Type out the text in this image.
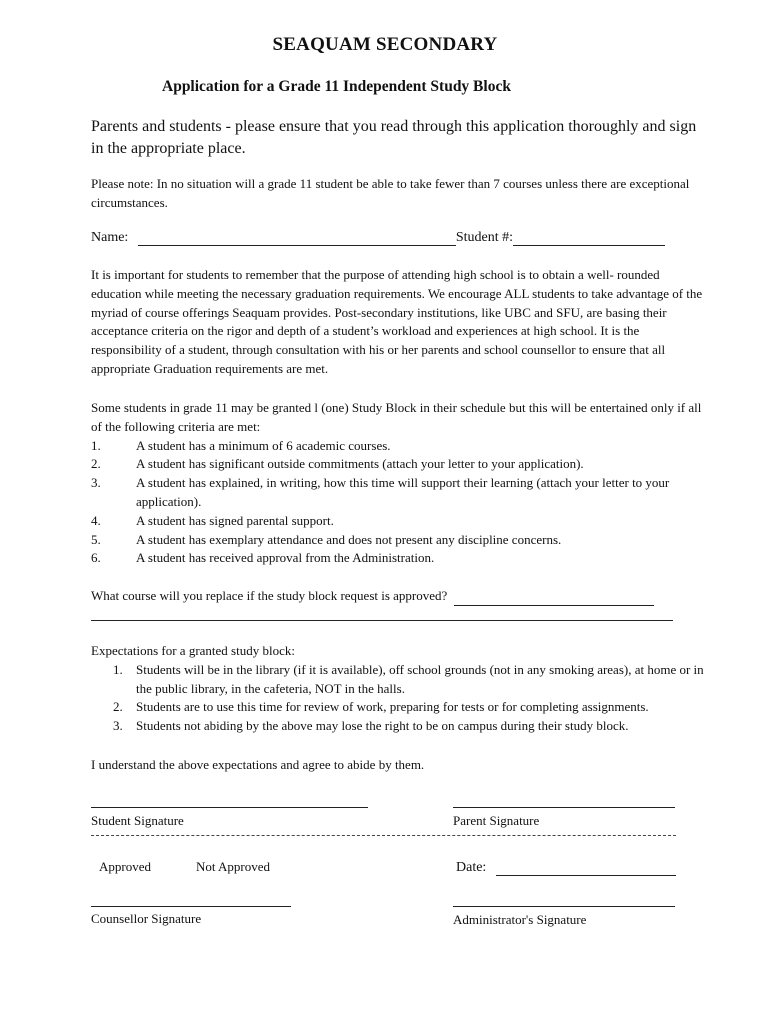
SEAQUAM SECONDARY
Application for a Grade 11 Independent Study Block
Parents and students - please ensure that you read through this application thoroughly and sign in the appropriate place.
Please note: In no situation will a grade 11 student be able to take fewer than 7 courses unless there are exceptional circumstances.
Name:	Student #:
It is important for students to remember that the purpose of attending high school is to obtain a well- rounded education while meeting the necessary graduation requirements. We encourage ALL students to take advantage of the myriad of course offerings Seaquam provides. Post-secondary institutions, like UBC and SFU, are basing their acceptance criteria on the rigor and depth of a student’s workload and experiences at high school. It is the responsibility of a student, through consultation with his or her parents and school counsellor to ensure that all appropriate Graduation requirements are met.
Some students in grade 11 may be granted l (one) Study Block in their schedule but this will be entertained only if all of the following criteria are met:
1.	A student has a minimum of 6 academic courses.
2.	A student has significant outside commitments (attach your letter to your application).
3.	A student has explained, in writing, how this time will support their learning (attach your letter to your application).
4.	A student has signed parental support.
5.	A student has exemplary attendance and does not present any discipline concerns.
6.	A student has received approval from the Administration.
What course will you replace if the study block request is approved?
Expectations for a granted study block:
1. Students will be in the library (if it is available), off school grounds (not in any smoking areas), at home or in the public library, in the cafeteria, NOT in the halls.
2. Students are to use this time for review of work, preparing for tests or for completing assignments.
3. Students not abiding by the above may lose the right to be on campus during their study block.
I understand the above expectations and agree to abide by them.
Student Signature	Parent Signature
Approved	Not Approved	Date:
Counsellor Signature	Administrator's Signature
